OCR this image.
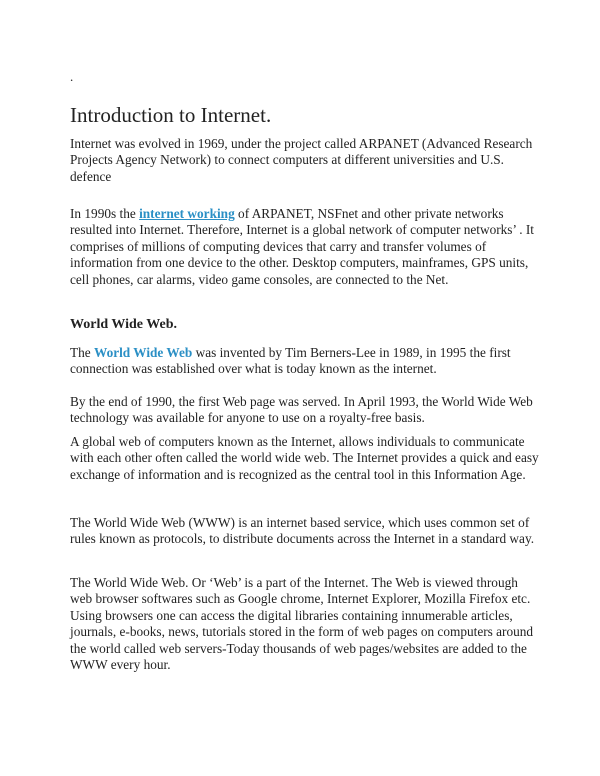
.
Introduction to Internet.

Internet was evolved in 1969, under the project called ARPANET (Advanced Research Projects Agency Network) to connect computers at different universities and U.S. defence

In 1990s the internet working of ARPANET, NSFnet and other private networks resulted into Internet. Therefore, Internet is a global network of computer networks’ . It comprises of millions of computing devices that carry and transfer volumes of information from one device to the other. Desktop computers, mainframes, GPS units, cell phones, car alarms, video game consoles, are connected to the Net.

World Wide Web.

The World Wide Web was invented by Tim Berners-Lee in 1989, in 1995 the first connection was established over what is today known as the internet.

By the end of 1990, the first Web page was served. In April 1993, the World Wide Web technology was available for anyone to use on a royalty-free basis.

A global web of computers known as the Internet, allows individuals to communicate with each other often called the world wide web. The Internet provides a quick and easy exchange of information and is recognized as the central tool in this Information Age.

The World Wide Web (WWW) is an internet based service, which uses common set of rules known as protocols, to distribute documents across the Internet in a standard way.

The World Wide Web. Or ‘Web’ is a part of the Internet. The Web is viewed through web browser softwares such as Google chrome, Internet Explorer, Mozilla Firefox etc. Using browsers one can access the digital libraries containing innumerable articles, journals, e-books, news, tutorials stored in the form of web pages on computers around the world called web servers-Today thousands of web pages/websites are added to the WWW every hour.
